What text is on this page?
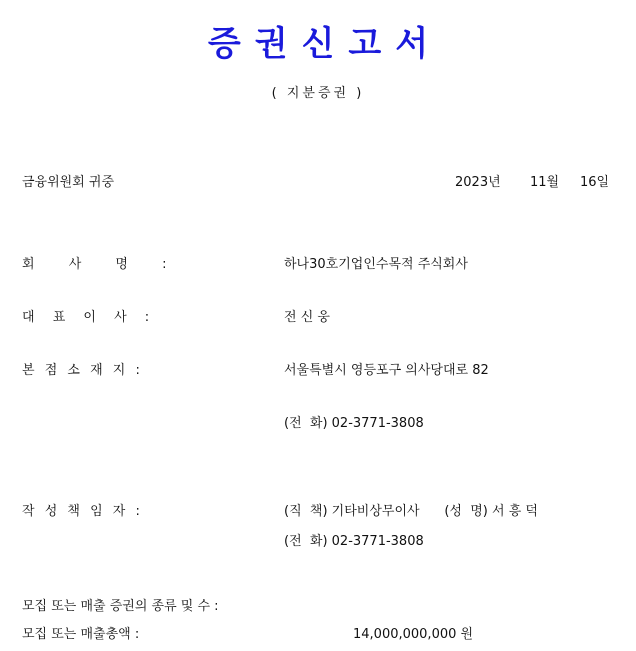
증권신고서
( 지분증권 )
금융위원회 귀중	2023년 11월 16일
회 사 명 :	하나30호기업인수목적 주식회사
대 표 이 사 :	전 신 웅
본 점 소 재 지 :	서울특별시 영등포구 의사당대로 82
(전  화) 02-3771-3808
작 성 책 임 자 :	(직  책) 기타비상무이사      (성  명) 서 흥 덕
(전  화) 02-3771-3808
모집 또는 매출 증권의 종류 및 수 :
모집 또는 매출총액 :	14,000,000,000 원
